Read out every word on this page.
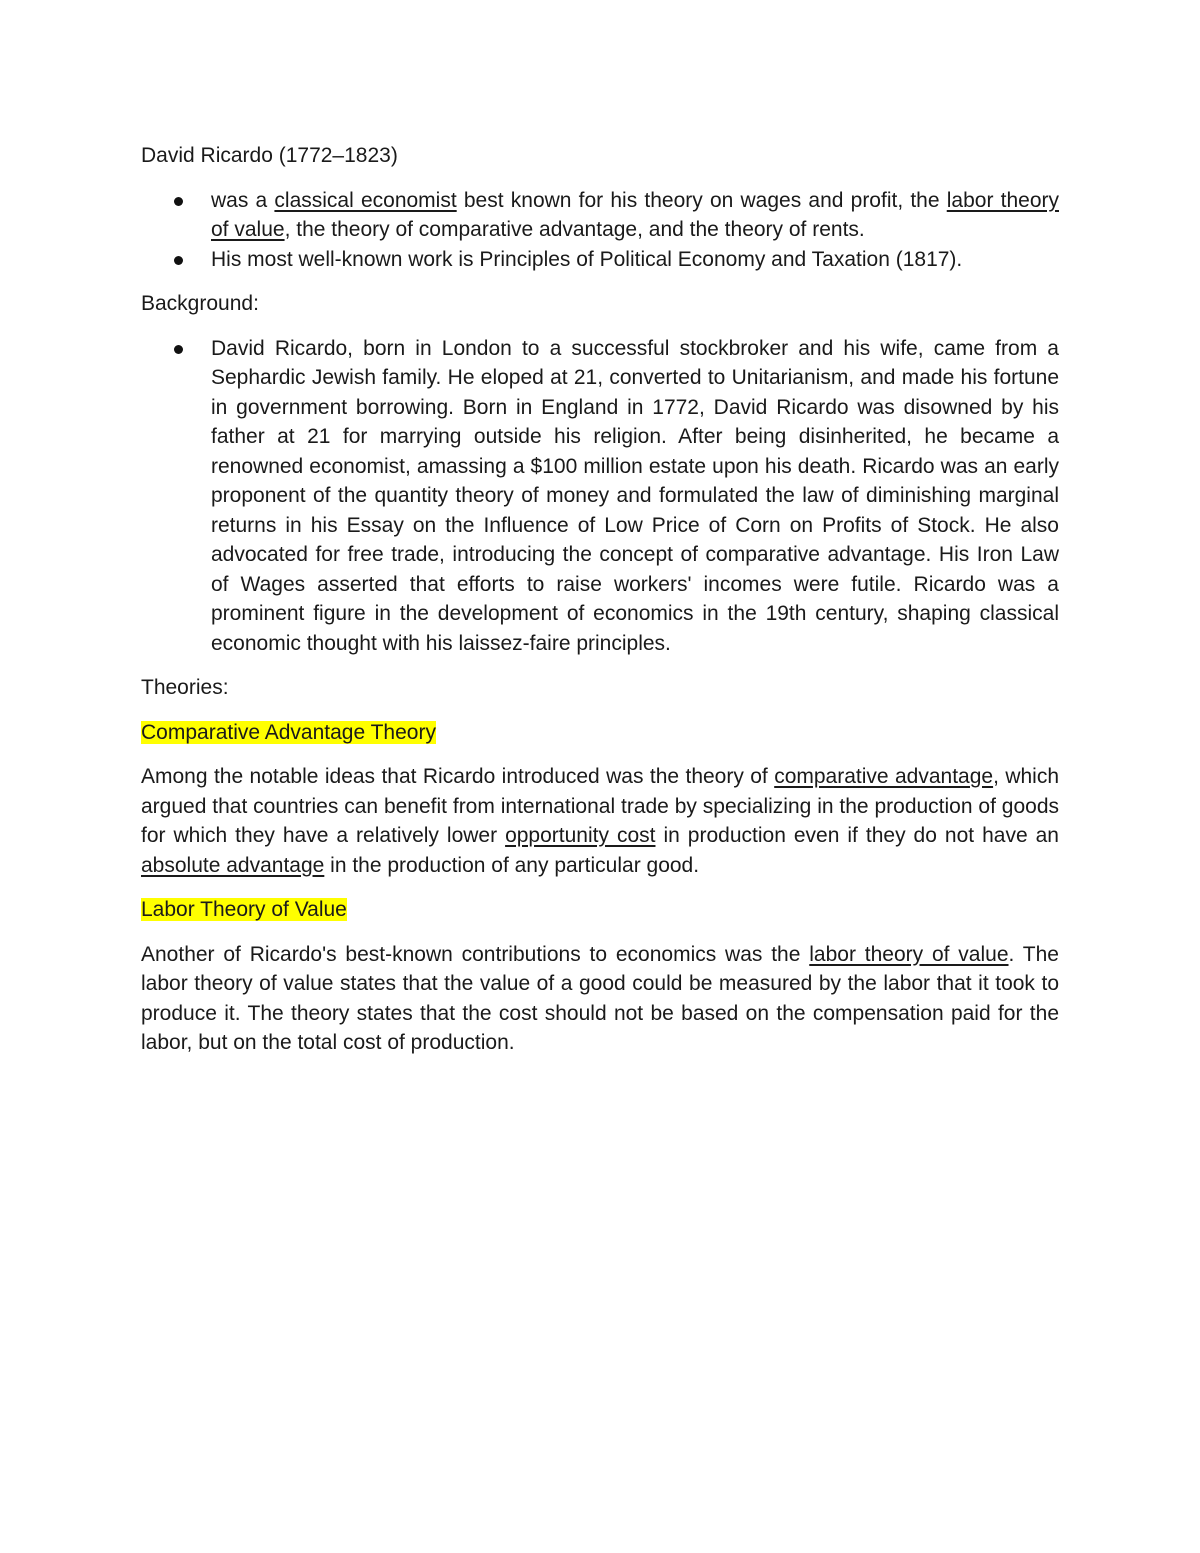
David Ricardo (1772–1823)

was a classical economist best known for his theory on wages and profit, the labor theory of value, the theory of comparative advantage, and the theory of rents.
His most well-known work is Principles of Political Economy and Taxation (1817).

Background:

David Ricardo, born in London to a successful stockbroker and his wife, came from a Sephardic Jewish family. He eloped at 21, converted to Unitarianism, and made his fortune in government borrowing. Born in England in 1772, David Ricardo was disowned by his father at 21 for marrying outside his religion. After being disinherited, he became a renowned economist, amassing a $100 million estate upon his death. Ricardo was an early proponent of the quantity theory of money and formulated the law of diminishing marginal returns in his Essay on the Influence of Low Price of Corn on Profits of Stock. He also advocated for free trade, introducing the concept of comparative advantage. His Iron Law of Wages asserted that efforts to raise workers' incomes were futile. Ricardo was a prominent figure in the development of economics in the 19th century, shaping classical economic thought with his laissez-faire principles.

Theories:

Comparative Advantage Theory

Among the notable ideas that Ricardo introduced was the theory of comparative advantage, which argued that countries can benefit from international trade by specializing in the production of goods for which they have a relatively lower opportunity cost in production even if they do not have an absolute advantage in the production of any particular good.

Labor Theory of Value

Another of Ricardo's best-known contributions to economics was the labor theory of value. The labor theory of value states that the value of a good could be measured by the labor that it took to produce it. The theory states that the cost should not be based on the compensation paid for the labor, but on the total cost of production.
